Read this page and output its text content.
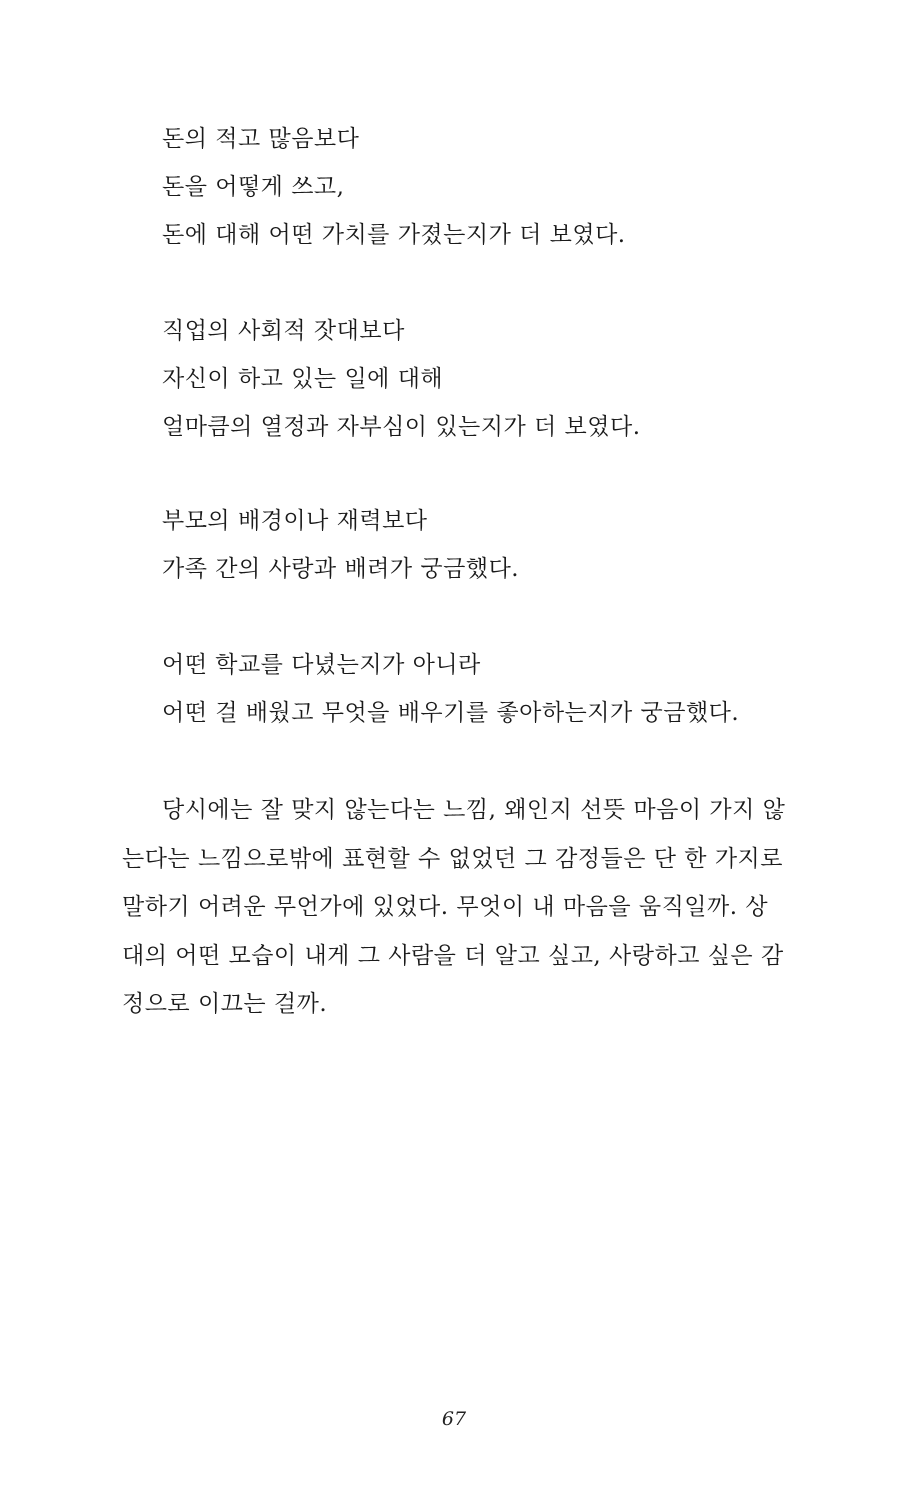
돈의 적고 많음보다
돈을 어떻게 쓰고,
돈에 대해 어떤 가치를 가졌는지가 더 보였다.
직업의 사회적 잣대보다
자신이 하고 있는 일에 대해
얼마큼의 열정과 자부심이 있는지가 더 보였다.
부모의 배경이나 재력보다
가족 간의 사랑과 배려가 궁금했다.
어떤 학교를 다녔는지가 아니라
어떤 걸 배웠고 무엇을 배우기를 좋아하는지가 궁금했다.
당시에는 잘 맞지 않는다는 느낌, 왜인지 선뜻 마음이 가지 않
는다는 느낌으로밖에 표현할 수 없었던 그 감정들은 단 한 가지로
말하기 어려운 무언가에 있었다. 무엇이 내 마음을 움직일까. 상
대의 어떤 모습이 내게 그 사람을 더 알고 싶고, 사랑하고 싶은 감
정으로 이끄는 걸까.
67
